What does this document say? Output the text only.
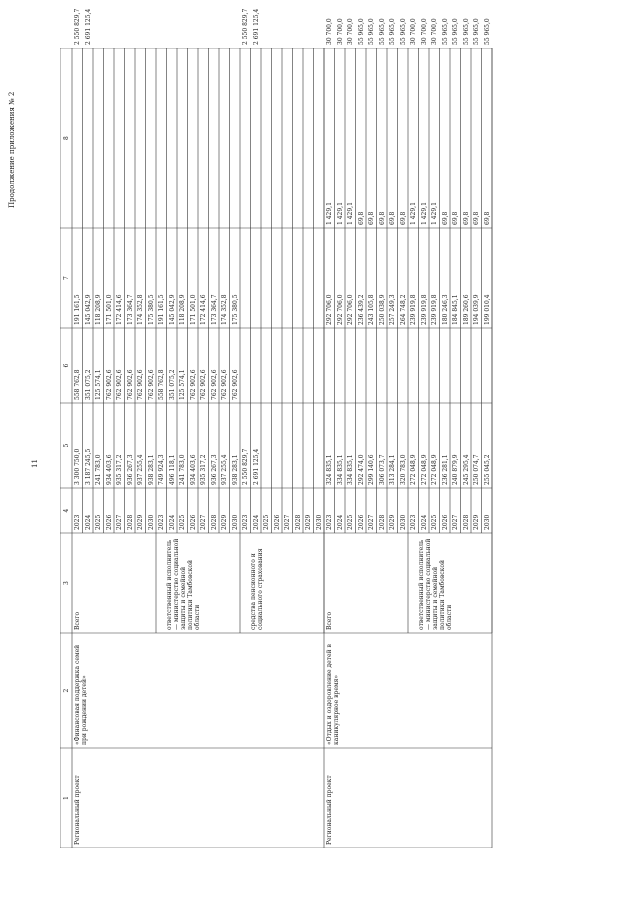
Продолжение приложения № 2
11
1
2
3
4
5
6
7
8
2023
3 300 750,0
558 762,8
191 161,5
2 550 829,7
2024
3 187 245,5
351 075,2
145 042,9
2 691 125,4
2025
241 783,0
125 574,1
118 208,9
2026
934 403,6
762 902,6
171 501,0
2027
935 317,2
762 902,6
172 414,6
2028
936 267,3
762 902,6
173 364,7
2029
937 255,4
762 902,6
174 352,8
2030
938 283,1
762 902,6
175 380,5
Всего
2023
749 924,3
558 762,8
191 161,5
2024
496 118,1
351 075,2
145 042,9
2025
241 783,0
125 574,1
118 208,9
2026
934 403,6
762 902,6
171 501,0
2027
935 317,2
762 902,6
172 414,6
2028
936 267,3
762 902,6
173 364,7
2029
937 255,4
762 902,6
174 352,8
2030
938 283,1
762 902,6
175 380,5
ответственный исполнитель — министерство социальной защиты и семейной политики Тамбовской области
2023
2 550 829,7
2 550 829,7
2024
2 691 125,4
2 691 125,4
2025 2026 2027 2028 2029 2030
средства пенсионного и социального страхования
Региональный проект
«Финансовая поддержка семей при рождении детей»
2023
324 835,1
292 706,0
1 429,1
30 700,0
2024
334 835,1
292 706,0
1 429,1
30 700,0
2025
334 835,1
292 706,0
1 429,1
30 700,0
2026
292 474,0
236 439,2
69,8
55 965,0
2027
299 140,6
243 105,8
69,8
55 965,0
2028
306 073,7
250 038,9
69,8
55 965,0
2029
313 284,1
257 249,3
69,8
55 965,0
2030
320 783,0
264 748,2
69,8
55 965,0
Всего
2023
272 048,9
239 919,8
1 429,1
30 700,0
2024
272 048,9
239 919,8
1 429,1
30 700,0
2025
272 048,9
239 919,8
1 429,1
30 700,0
2026
236 281,1
180 246,3
69,8
55 965,0
2027
240 879,9
184 845,1
69,8
55 965,0
2028
245 295,4
189 260,6
69,8
55 965,0
2029
250 074,7
194 039,9
69,8
55 965,0
2030
255 045,2
199 010,4
69,8
55 965,0
ответственный исполнитель — министерство социальной защиты и семейной политики Тамбовской области
Региональный проект
«Отдых и оздоровление детей в каникулярное время»
